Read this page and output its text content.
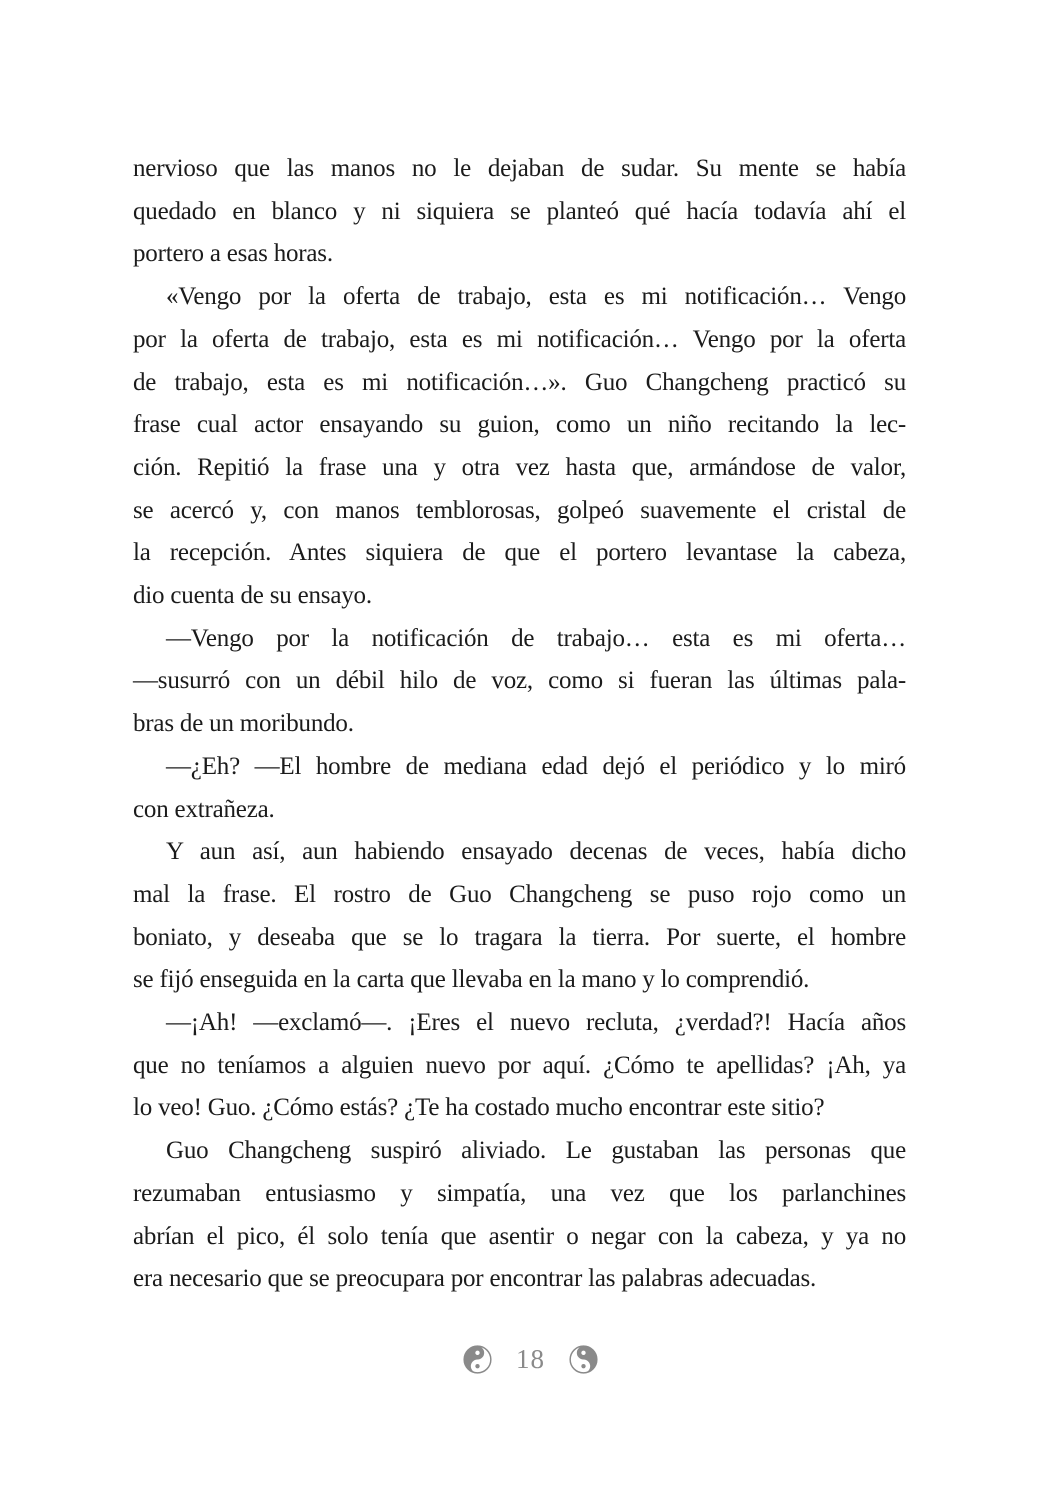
nervioso que las manos no le dejaban de sudar. Su mente se había
quedado en blanco y ni siquiera se planteó qué hacía todavía ahí el
portero a esas horas.

«Vengo por la oferta de trabajo, esta es mi notificación… Vengo
por la oferta de trabajo, esta es mi notificación… Vengo por la oferta
de trabajo, esta es mi notificación…». Guo Changcheng practicó su
frase cual actor ensayando su guion, como un niño recitando la lec-
ción. Repitió la frase una y otra vez hasta que, armándose de valor,
se acercó y, con manos temblorosas, golpeó suavemente el cristal de
la recepción. Antes siquiera de que el portero levantase la cabeza,
dio cuenta de su ensayo.

—Vengo por la notificación de trabajo… esta es mi oferta…
—susurró con un débil hilo de voz, como si fueran las últimas pala-
bras de un moribundo.

—¿Eh? —El hombre de mediana edad dejó el periódico y lo miró
con extrañeza.

Y aun así, aun habiendo ensayado decenas de veces, había dicho
mal la frase. El rostro de Guo Changcheng se puso rojo como un
boniato, y deseaba que se lo tragara la tierra. Por suerte, el hombre
se fijó enseguida en la carta que llevaba en la mano y lo comprendió.

—¡Ah! —exclamó—. ¡Eres el nuevo recluta, ¿verdad?! Hacía años
que no teníamos a alguien nuevo por aquí. ¿Cómo te apellidas? ¡Ah, ya
lo veo! Guo. ¿Cómo estás? ¿Te ha costado mucho encontrar este sitio?

Guo Changcheng suspiró aliviado. Le gustaban las personas que
rezumaban entusiasmo y simpatía, una vez que los parlanchines
abrían el pico, él solo tenía que asentir o negar con la cabeza, y ya no
era necesario que se preocupara por encontrar las palabras adecuadas.

18
